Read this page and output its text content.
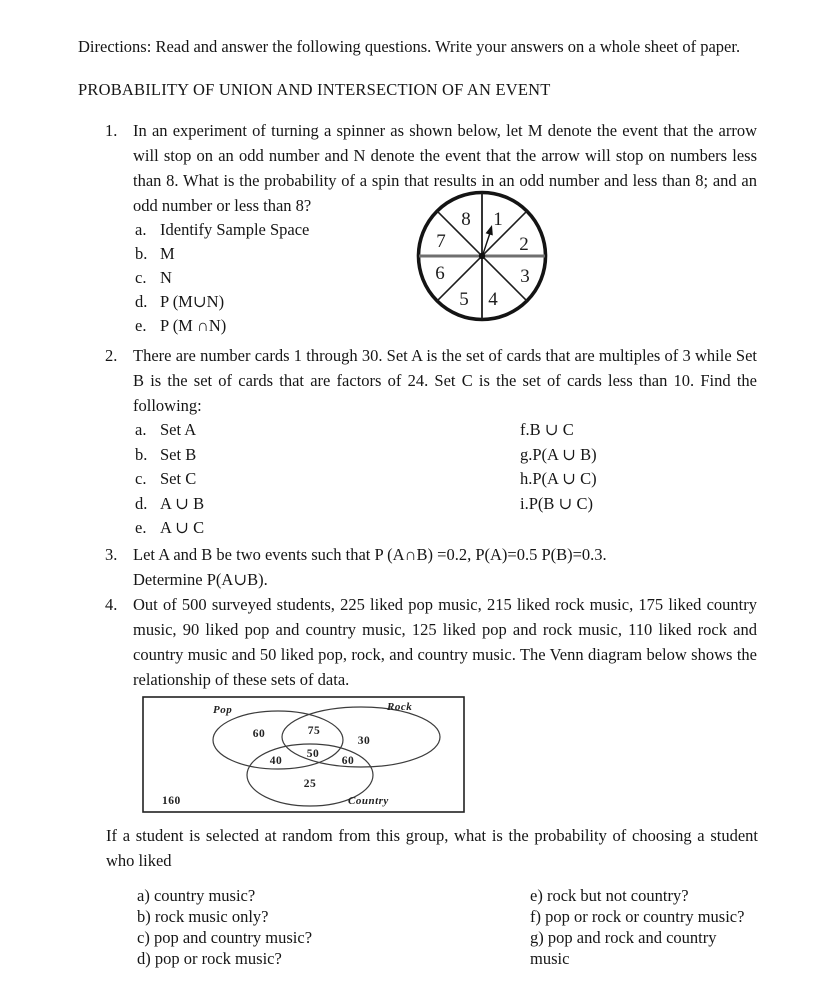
Directions: Read and answer the following questions. Write your answers on a whole sheet of paper.

PROBABILITY OF UNION AND INTERSECTION OF AN EVENT

1. In an experiment of turning a spinner as shown below, let M denote the event that the arrow will stop on an odd number and N denote the event that the arrow will stop on numbers less than 8. What is the probability of a spin that results in an odd number and less than 8; and an odd number or less than 8?
a. Identify Sample Space
b. M
c. N
d. P (M∪N)
e. P (M ∩N)
1
2
3
4
5
6
7
8
2. There are number cards 1 through 30. Set A is the set of cards that are multiples of 3 while Set B is the set of cards that are factors of 24. Set C is the set of cards less than 10. Find the following:
a. Set A
b. Set B
c. Set C
d. A ∪ B
e. A ∪ C
f. B ∪ C
g. P(A ∪ B)
h. P(A ∪ C)
i. P(B ∪ C)
3. Let A and B be two events such that P (A∩B) =0.2, P(A)=0.5 P(B)=0.3.
Determine P(A∪B).
4. Out of 500 surveyed students, 225 liked pop music, 215 liked rock music, 175 liked country music, 90 liked pop and country music, 125 liked pop and rock music, 110 liked rock and country music and 50 liked pop, rock, and country music. The Venn diagram below shows the relationship of these sets of data.
Pop	Rock
Country
160
60	75
30
40
50
60
25
If a student is selected at random from this group, what is the probability of choosing a student who liked
a) country music?
b) rock music only?
c) pop and country music?
d) pop or rock music?
e) rock but not country?
f) pop or rock or country music?
g) pop and rock and country music
